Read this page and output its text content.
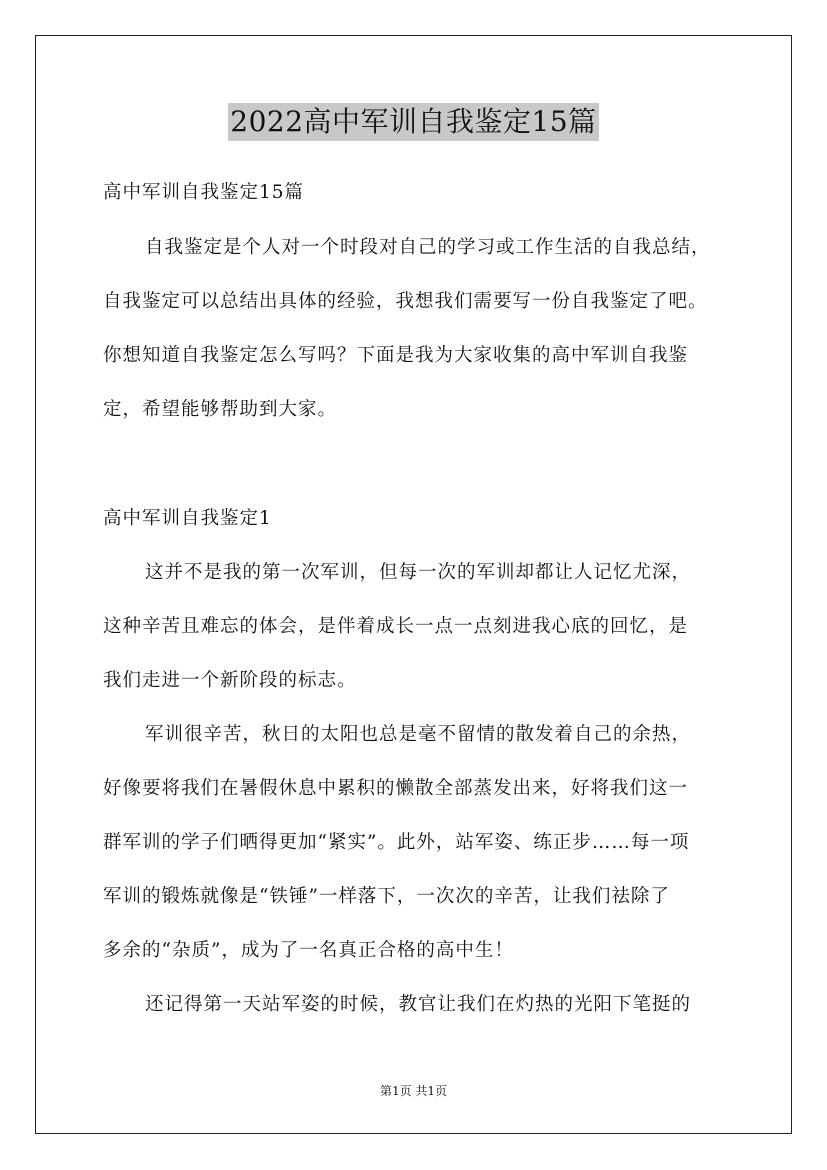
2022高中军训自我鉴定15篇
高中军训自我鉴定15篇
自我鉴定是个人对一个时段对自己的学习或工作生活的自我总结，
自我鉴定可以总结出具体的经验，我想我们需要写一份自我鉴定了吧。
你想知道自我鉴定怎么写吗？下面是我为大家收集的高中军训自我鉴
定，希望能够帮助到大家。
高中军训自我鉴定1
这并不是我的第一次军训，但每一次的军训却都让人记忆尤深，
这种辛苦且难忘的体会，是伴着成长一点一点刻进我心底的回忆，是
我们走进一个新阶段的标志。
军训很辛苦，秋日的太阳也总是毫不留情的散发着自己的余热，
好像要将我们在暑假休息中累积的懒散全部蒸发出来，好将我们这一
群军训的学子们晒得更加“紧实”。此外，站军姿、练正步……每一项
军训的锻炼就像是“铁锤”一样落下，一次次的辛苦，让我们祛除了
多余的“杂质”，成为了一名真正合格的高中生！
还记得第一天站军姿的时候，教官让我们在灼热的光阳下笔挺的
第1页 共1页
